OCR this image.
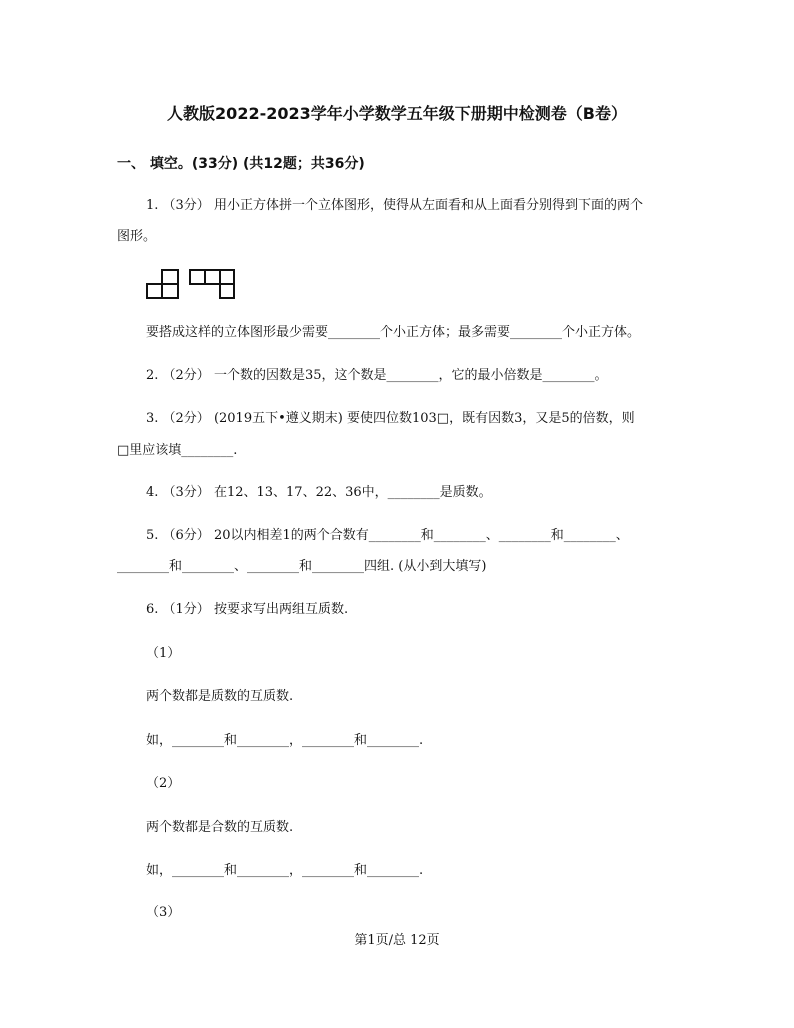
人教版2022-2023学年小学数学五年级下册期中检测卷（B卷）
一、 填空。(33分) (共12题；共36分)
1. （3分） 用小正方体拼一个立体图形，使得从左面看和从上面看分别得到下面的两个
图形。
要搭成这样的立体图形最少需要________个小正方体；最多需要________个小正方体。
2. （2分） 一个数的因数是35，这个数是________，它的最小倍数是________。
3. （2分） (2019五下•遵义期末) 要使四位数103□，既有因数3，又是5的倍数，则
□里应该填________.
4. （3分） 在12、13、17、22、36中，________是质数。
5. （6分） 20以内相差1的两个合数有________和________、________和________、
________和________、________和________四组. (从小到大填写)
6. （1分） 按要求写出两组互质数.
（1）
两个数都是质数的互质数.
如，________和________，________和________.
（2）
两个数都是合数的互质数.
如，________和________，________和________.
（3）
第1页/总 12页
